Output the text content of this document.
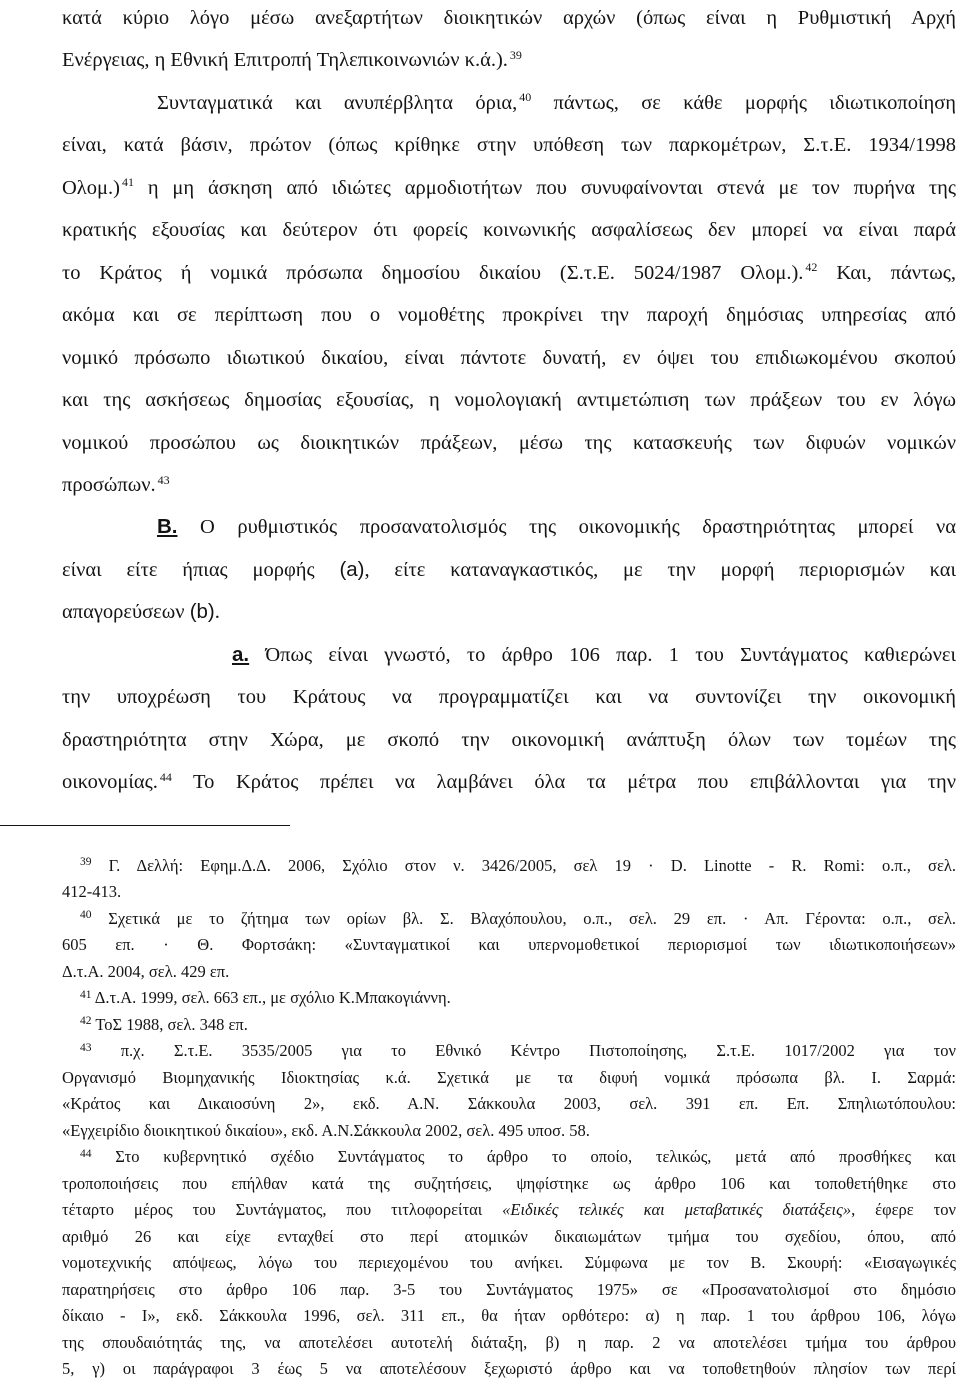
κατά κύριο λόγο μέσω ανεξαρτήτων διοικητικών αρχών (όπως είναι η Ρυθμιστική Αρχή
Ενέργειας, η Εθνική Επιτροπή Τηλεπικοινωνιών κ.ά.). $^{39}$
Συνταγματικά και ανυπέρβλητα όρια, $^{40}$ πάντως, σε κάθε μορφής ιδιωτικοποίηση
είναι, κατά βάσιν, πρώτον (όπως κρίθηκε στην υπόθεση των παρκομέτρων, Σ.τ.Ε. 1934/1998
Ολομ.) $^{41}$ η μη άσκηση από ιδιώτες αρμοδιοτήτων που συνυφαίνονται στενά με τον πυρήνα της
κρατικής εξουσίας και δεύτερον ότι φορείς κοινωνικής ασφαλίσεως δεν μπορεί να είναι παρά
το Κράτος ή νομικά πρόσωπα δημοσίου δικαίου (Σ.τ.Ε. 5024/1987 Ολομ.). $^{42}$ Και, πάντως,
ακόμα και σε περίπτωση που ο νομοθέτης προκρίνει την παροχή δημόσιας υπηρεσίας από
νομικό πρόσωπο ιδιωτικού δικαίου, είναι πάντοτε δυνατή, εν όψει του επιδιωκομένου σκοπού
και της ασκήσεως δημοσίας εξουσίας, η νομολογιακή αντιμετώπιση των πράξεων του εν λόγω
νομικού προσώπου ως διοικητικών πράξεων, μέσω της κατασκευής των διφυών νομικών
προσώπων. $^{43}$
B. Ο ρυθμιστικός προσανατολισμός της οικονομικής δραστηριότητας μπορεί να
είναι είτε ήπιας μορφής (a), είτε καταναγκαστικός, με την μορφή περιορισμών και
απαγορεύσεων (b).
a. Όπως είναι γνωστό, το άρθρο 106 παρ. 1 του Συντάγματος καθιερώνει
την υποχρέωση του Κράτους να προγραμματίζει και να συντονίζει την οικονομική
δραστηριότητα στην Χώρα, με σκοπό την οικονομική ανάπτυξη όλων των τομέων της
οικονομίας. $^{44}$ Το Κράτος πρέπει να λαμβάνει όλα τα μέτρα που επιβάλλονται για την
39 Γ. Δελλή: Εφημ.Δ.Δ. 2006, Σχόλιο στον ν. 3426/2005, σελ 19 · D. Linotte - R. Romi: ο.π., σελ.
412-413.
40 Σχετικά με το ζήτημα των ορίων βλ. Σ. Βλαχόπουλου, ο.π., σελ. 29 επ. · Απ. Γέροντα: ο.π., σελ.
605 επ. · Θ. Φορτσάκη: «Συνταγματικοί και υπερνομοθετικοί περιορισμοί των ιδιωτικοποιήσεων»
Δ.τ.Α. 2004, σελ. 429 επ.
41 Δ.τ.Α. 1999, σελ. 663 επ., με σχόλιο Κ.Μπακογιάννη.
42 ΤοΣ 1988, σελ. 348 επ.
43 π.χ. Σ.τ.Ε. 3535/2005 για το Εθνικό Κέντρο Πιστοποίησης, Σ.τ.Ε. 1017/2002 για τον
Οργανισμό Βιομηχανικής Ιδιοκτησίας κ.ά. Σχετικά με τα διφυή νομικά πρόσωπα βλ. Ι. Σαρμά:
«Κράτος και Δικαιοσύνη 2», εκδ. Α.Ν. Σάκκουλα 2003, σελ. 391 επ. Επ. Σπηλιωτόπουλου:
«Εγχειρίδιο διοικητικού δικαίου», εκδ. Α.Ν.Σάκκουλα 2002, σελ. 495 υποσ. 58.
44 Στο κυβερνητικό σχέδιο Συντάγματος το άρθρο το οποίο, τελικώς, μετά από προσθήκες και
τροποποιήσεις που επήλθαν κατά της συζητήσεις, ψηφίστηκε ως άρθρο 106 και τοποθετήθηκε στο
τέταρτο μέρος του Συντάγματος, που τιτλοφορείται «Ειδικές τελικές και μεταβατικές διατάξεις», έφερε τον
αριθμό 26 και είχε ενταχθεί στο περί ατομικών δικαιωμάτων τμήμα του σχεδίου, όπου, από
νομοτεχνικής απόψεως, λόγω του περιεχομένου του ανήκει. Σύμφωνα με τον Β. Σκουρή: «Εισαγωγικές
παρατηρήσεις στο άρθρο 106 παρ. 3-5 του Συντάγματος 1975» σε «Προσανατολισμοί στο δημόσιο
δίκαιο - Ι», εκδ. Σάκκουλα 1996, σελ. 311 επ., θα ήταν ορθότερο: α) η παρ. 1 του άρθρου 106, λόγω
της σπουδαιότητάς της, να αποτελέσει αυτοτελή διάταξη, β) η παρ. 2 να αποτελέσει τμήμα του άρθρου
5, γ) οι παράγραφοι 3 έως 5 να αποτελέσουν ξεχωριστό άρθρο και να τοποθετηθούν πλησίον των περί
